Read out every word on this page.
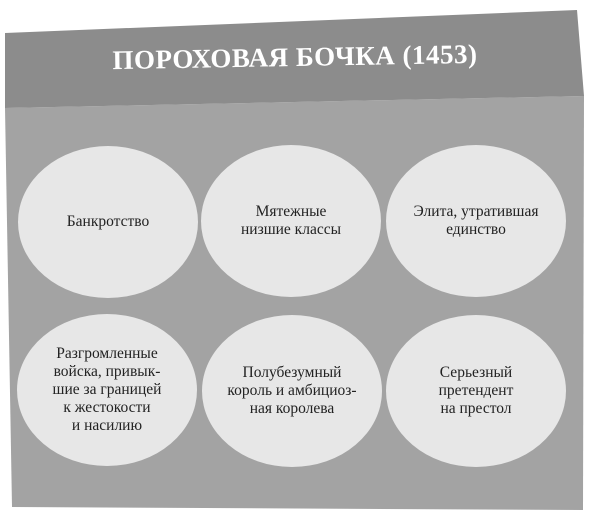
ПОРОХОВАЯ БОЧКА (1453)
Банкротство
Мятежные
низшие классы
Элита, утратившая
единство
Разгромленные
войска, привык-
шие за границей
к жестокости
и насилию
Полубезумный
король и амбициоз-
ная королева
Серьезный
претендент
на престол
